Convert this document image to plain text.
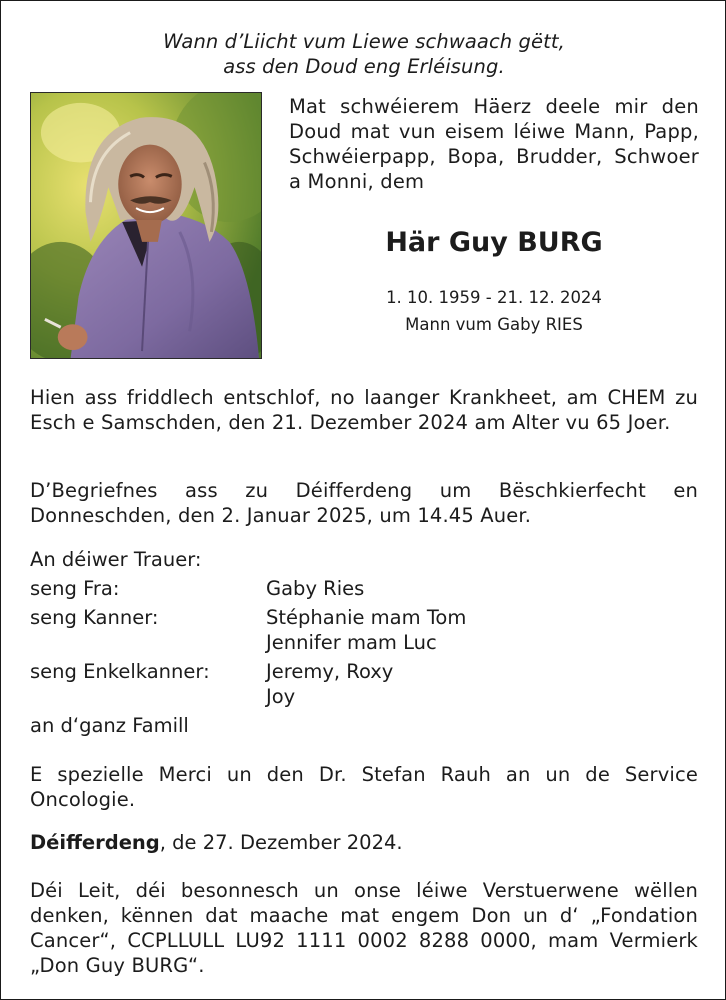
Wann d’Liicht vum Liewe schwaach gëtt,
ass den Doud eng Erléisung.
Mat schwéierem Häerz deele mir den Doud mat vun eisem léiwe Mann, Papp, Schwéierpapp, Bopa, Brudder, Schwoer a Monni, dem
Här Guy BURG
1. 10. 1959 - 21. 12. 2024
Mann vum Gaby RIES
Hien ass friddlech entschlof, no laanger Krankheet, am CHEM zu Esch e Samschden, den 21. Dezember 2024 am Alter vu 65 Joer.
D’Begriefnes ass zu Déifferdeng um Bëschkierfecht en Donneschden, den 2. Januar 2025, um 14.45 Auer.
An déiwer Trauer:
seng Fra:	Gaby Ries
seng Kanner:	Stéphanie mam Tom
Jennifer mam Luc
seng Enkelkanner:	Jeremy, Roxy
Joy
an d‘ganz Famill
E spezielle Merci un den Dr. Stefan Rauh an un de Service Oncologie.
Déifferdeng, de 27. Dezember 2024.
Déi Leit, déi besonnesch un onse léiwe Verstuerwene wëllen denken, kënnen dat maache mat engem Don un d‘ „Fondation Cancer“, CCPLLULL LU92 1111 0002 8288 0000, mam Vermierk „Don Guy BURG“.
